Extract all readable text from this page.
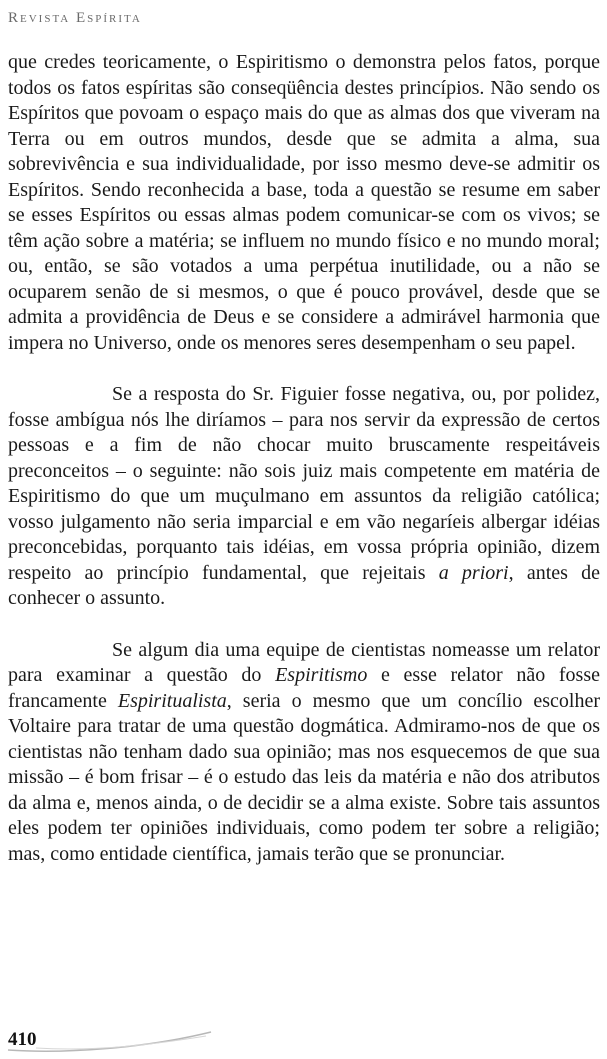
Revista Espírita

que credes teoricamente, o Espiritismo o demonstra pelos fatos, porque todos os fatos espíritas são conseqüência destes princípios. Não sendo os Espíritos que povoam o espaço mais do que as almas dos que viveram na Terra ou em outros mundos, desde que se admita a alma, sua sobrevivência e sua individualidade, por isso mesmo deve-se admitir os Espíritos. Sendo reconhecida a base, toda a questão se resume em saber se esses Espíritos ou essas almas podem comunicar-se com os vivos; se têm ação sobre a matéria; se influem no mundo físico e no mundo moral; ou, então, se são votados a uma perpétua inutilidade, ou a não se ocuparem senão de si mesmos, o que é pouco provável, desde que se admita a providência de Deus e se considere a admirável harmonia que impera no Universo, onde os menores seres desempenham o seu papel.

Se a resposta do Sr. Figuier fosse negativa, ou, por polidez, fosse ambígua nós lhe diríamos – para nos servir da expressão de certos pessoas e a fim de não chocar muito bruscamente respeitáveis preconceitos – o seguinte: não sois juiz mais competente em matéria de Espiritismo do que um muçulmano em assuntos da religião católica; vosso julgamento não seria imparcial e em vão negaríeis albergar idéias preconcebidas, porquanto tais idéias, em vossa própria opinião, dizem respeito ao princípio fundamental, que rejeitais a priori, antes de conhecer o assunto.

Se algum dia uma equipe de cientistas nomeasse um relator para examinar a questão do Espiritismo e esse relator não fosse francamente Espiritualista, seria o mesmo que um concílio escolher Voltaire para tratar de uma questão dogmática. Admiramo-nos de que os cientistas não tenham dado sua opinião; mas nos esquecemos de que sua missão – é bom frisar – é o estudo das leis da matéria e não dos atributos da alma e, menos ainda, o de decidir se a alma existe. Sobre tais assuntos eles podem ter opiniões individuais, como podem ter sobre a religião; mas, como entidade científica, jamais terão que se pronunciar.

410
